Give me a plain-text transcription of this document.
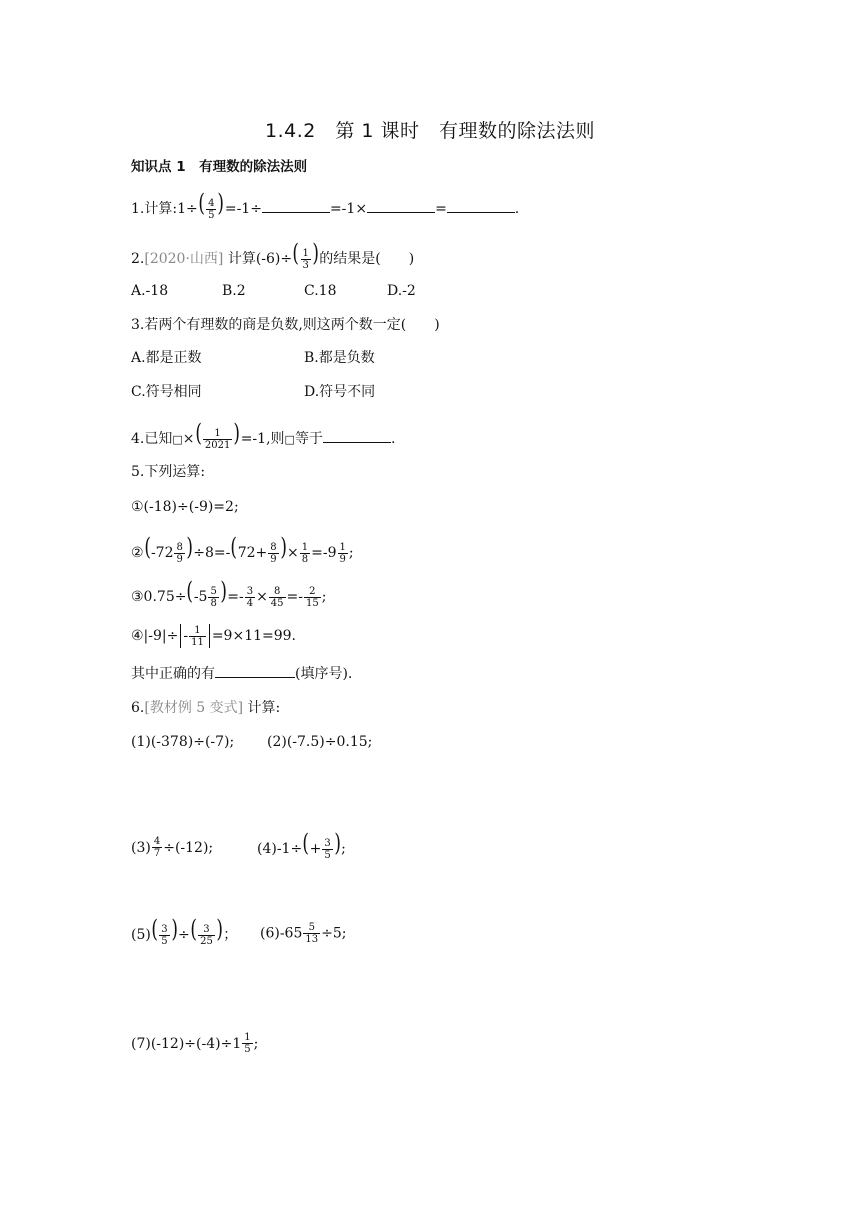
1.4.2　第 1 课时　有理数的除法法则
知识点 1　有理数的除法法则
1.计算:1÷( $\frac{4}{5} )=-1\div$	=-1×	=	.
2.[2020·山西] 计算$(-6)\div( \frac{1}{3}$ )的结果是(　　)
A.-18	B.2	C.18	D.-2
3.若两个有理数的商是负数,则这两个数一定(　　)
A.都是正数	B.都是负数
C.符号相同	D.符号不同
4.已知□×( $\frac{1}{2021} )=-1$,则□等于	.
5.下列运算:
①(-18)÷(-9)=2;
②(-72 $\frac{8}{9} )\div 8=-(72+ \frac{8}{9}$ )× $\frac{1}{8} =-9 \frac{1}{9}$ ;
③0.75÷(-5 $\frac{5}{8}$ )=- $\frac{3}{4} \times \frac{8}{45} =- \frac{2}{15}$ ;
④|-9|÷ - $\frac{1}{11} =9\times 11=99$.
其中正确的有	(填序号).
6.[教材例 5 变式] 计算:
(1)(-378)÷(-7); (2)(-7.5)÷0.15;
$(3) \frac{4}{7} \div(-12)$;	$(4)-1\div(+ \frac{3}{5}$ );
$(5)( \frac{3}{5}$ )÷( $\frac{3}{25}$ )； $(6)-65 \frac{5}{13} \div 5$;
$(7)(-12)\div(-4)\div 1 \frac{1}{5}$ ;
